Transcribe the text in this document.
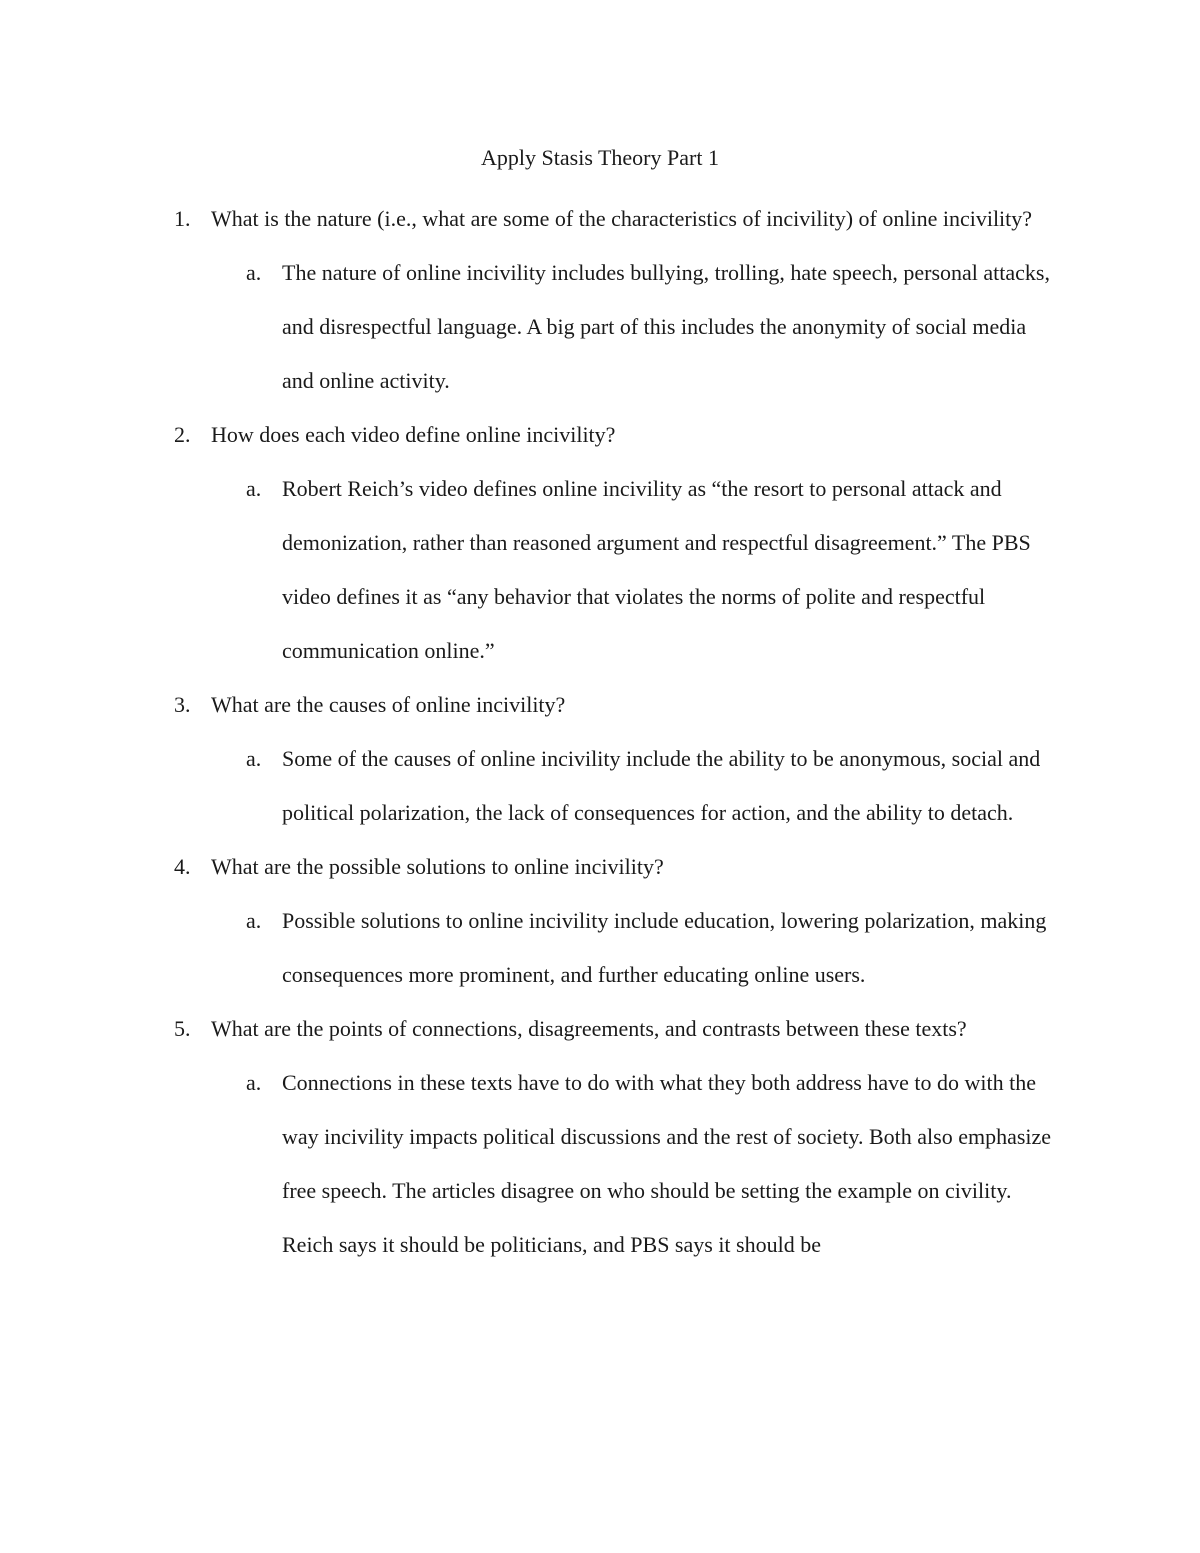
Apply Stasis Theory Part 1
1. What is the nature (i.e., what are some of the characteristics of incivility) of online incivility?
a. The nature of online incivility includes bullying, trolling, hate speech, personal attacks, and disrespectful language. A big part of this includes the anonymity of social media and online activity.
2. How does each video define online incivility?
a. Robert Reich’s video defines online incivility as “the resort to personal attack and demonization, rather than reasoned argument and respectful disagreement.” The PBS video defines it as “any behavior that violates the norms of polite and respectful communication online.”
3. What are the causes of online incivility?
a. Some of the causes of online incivility include the ability to be anonymous, social and political polarization, the lack of consequences for action, and the ability to detach.
4. What are the possible solutions to online incivility?
a. Possible solutions to online incivility include education, lowering polarization, making consequences more prominent, and further educating online users.
5. What are the points of connections, disagreements, and contrasts between these texts?
a. Connections in these texts have to do with what they both address have to do with the way incivility impacts political discussions and the rest of society. Both also emphasize free speech. The articles disagree on who should be setting the example on civility. Reich says it should be politicians, and PBS says it should be
